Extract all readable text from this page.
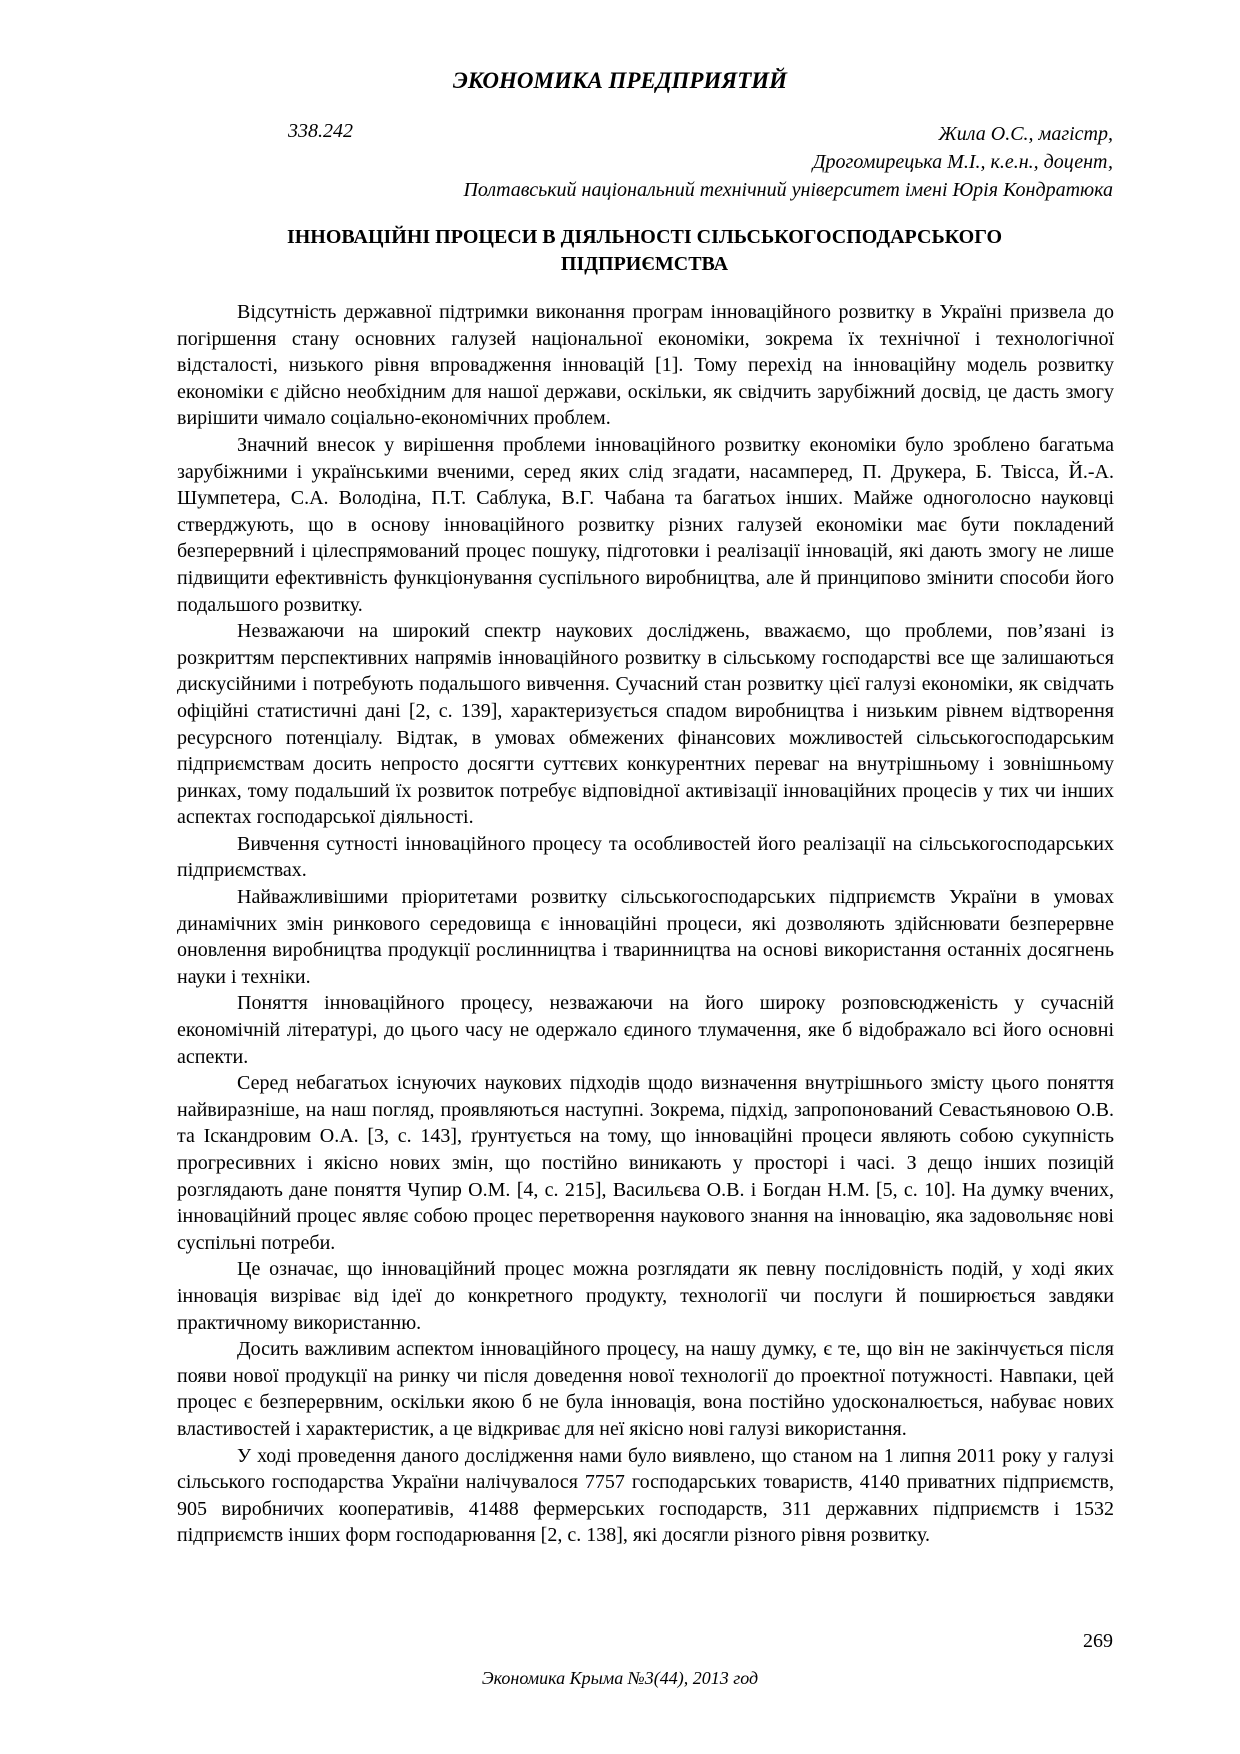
ЭКОНОМИКА ПРЕДПРИЯТИЙ
338.242	Жила О.С., магістр,
Дрогомирецька М.І., к.е.н., доцент,
Полтавський національний технічний університет імені Юрія Кондратюка
ІННОВАЦІЙНІ ПРОЦЕСИ В ДІЯЛЬНОСТІ СІЛЬСЬКОГОСПОДАРСЬКОГО
ПІДПРИЄМСТВА

Відсутність державної підтримки виконання програм інноваційного розвитку в Україні призвела до погіршення стану основних галузей національної економіки, зокрема їх технічної і технологічної відсталості, низького рівня впровадження інновацій [1]. Тому перехід на інноваційну модель розвитку економіки є дійсно необхідним для нашої держави, оскільки, як свідчить зарубіжний досвід, це дасть змогу вирішити чимало соціально-економічних проблем.

Значний внесок у вирішення проблеми інноваційного розвитку економіки було зроблено багатьма зарубіжними і українськими вченими, серед яких слід згадати, насамперед, П. Друкера, Б. Твісса, Й.-А. Шумпетера, С.А. Володіна, П.Т. Саблука, В.Г. Чабана та багатьох інших. Майже одноголосно науковці стверджують, що в основу інноваційного розвитку різних галузей економіки має бути покладений безперервний і цілеспрямований процес пошуку, підготовки і реалізації інновацій, які дають змогу не лише підвищити ефективність функціонування суспільного виробництва, але й принципово змінити способи його подальшого розвитку.

Незважаючи на широкий спектр наукових досліджень, вважаємо, що проблеми, пов’язані із розкриттям перспективних напрямів інноваційного розвитку в сільському господарстві все ще залишаються дискусійними і потребують подальшого вивчення. Сучасний стан розвитку цієї галузі економіки, як свідчать офіційні статистичні дані [2, с. 139], характеризується спадом виробництва і низьким рівнем відтворення ресурсного потенціалу. Відтак, в умовах обмежених фінансових можливостей сільськогосподарським підприємствам досить непросто досягти суттєвих конкурентних переваг на внутрішньому і зовнішньому ринках, тому подальший їх розвиток потребує відповідної активізації інноваційних процесів у тих чи інших аспектах господарської діяльності.

Вивчення сутності інноваційного процесу та особливостей його реалізації на сільськогосподарських підприємствах.

Найважливішими пріоритетами розвитку сільськогосподарських підприємств України в умовах динамічних змін ринкового середовища є інноваційні процеси, які дозволяють здійснювати безперервне оновлення виробництва продукції рослинництва і тваринництва на основі використання останніх досягнень науки і техніки.

Поняття інноваційного процесу, незважаючи на його широку розповсюдженість у сучасній економічній літературі, до цього часу не одержало єдиного тлумачення, яке б відображало всі його основні аспекти.

Серед небагатьох існуючих наукових підходів щодо визначення внутрішнього змісту цього поняття найвиразніше, на наш погляд, проявляються наступні. Зокрема, підхід, запропонований Севастьяновою О.В. та Іскандровим О.А. [3, с. 143], ґрунтується на тому, що інноваційні процеси являють собою сукупність прогресивних і якісно нових змін, що постійно виникають у просторі і часі. З дещо інших позицій розглядають дане поняття Чупир О.М. [4, с. 215], Васильєва О.В. і Богдан Н.М. [5, с. 10]. На думку вчених, інноваційний процес являє собою процес перетворення наукового знання на інновацію, яка задовольняє нові суспільні потреби.

Це означає, що інноваційний процес можна розглядати як певну послідовність подій, у ході яких інновація визріває від ідеї до конкретного продукту, технології чи послуги й поширюється завдяки практичному використанню.

Досить важливим аспектом інноваційного процесу, на нашу думку, є те, що він не закінчується після появи нової продукції на ринку чи після доведення нової технології до проектної потужності. Навпаки, цей процес є безперервним, оскільки якою б не була інновація, вона постійно удосконалюється, набуває нових властивостей і характеристик, а це відкриває для неї якісно нові галузі використання.

У ході проведення даного дослідження нами було виявлено, що станом на 1 липня 2011 року у галузі сільського господарства України налічувалося 7757 господарських товариств, 4140 приватних підприємств, 905 виробничих кооперативів, 41488 фермерських господарств, 311 державних підприємств і 1532 підприємств інших форм господарювання [2, с. 138], які досягли різного рівня розвитку.

269
Экономика Крыма №3(44), 2013 год
